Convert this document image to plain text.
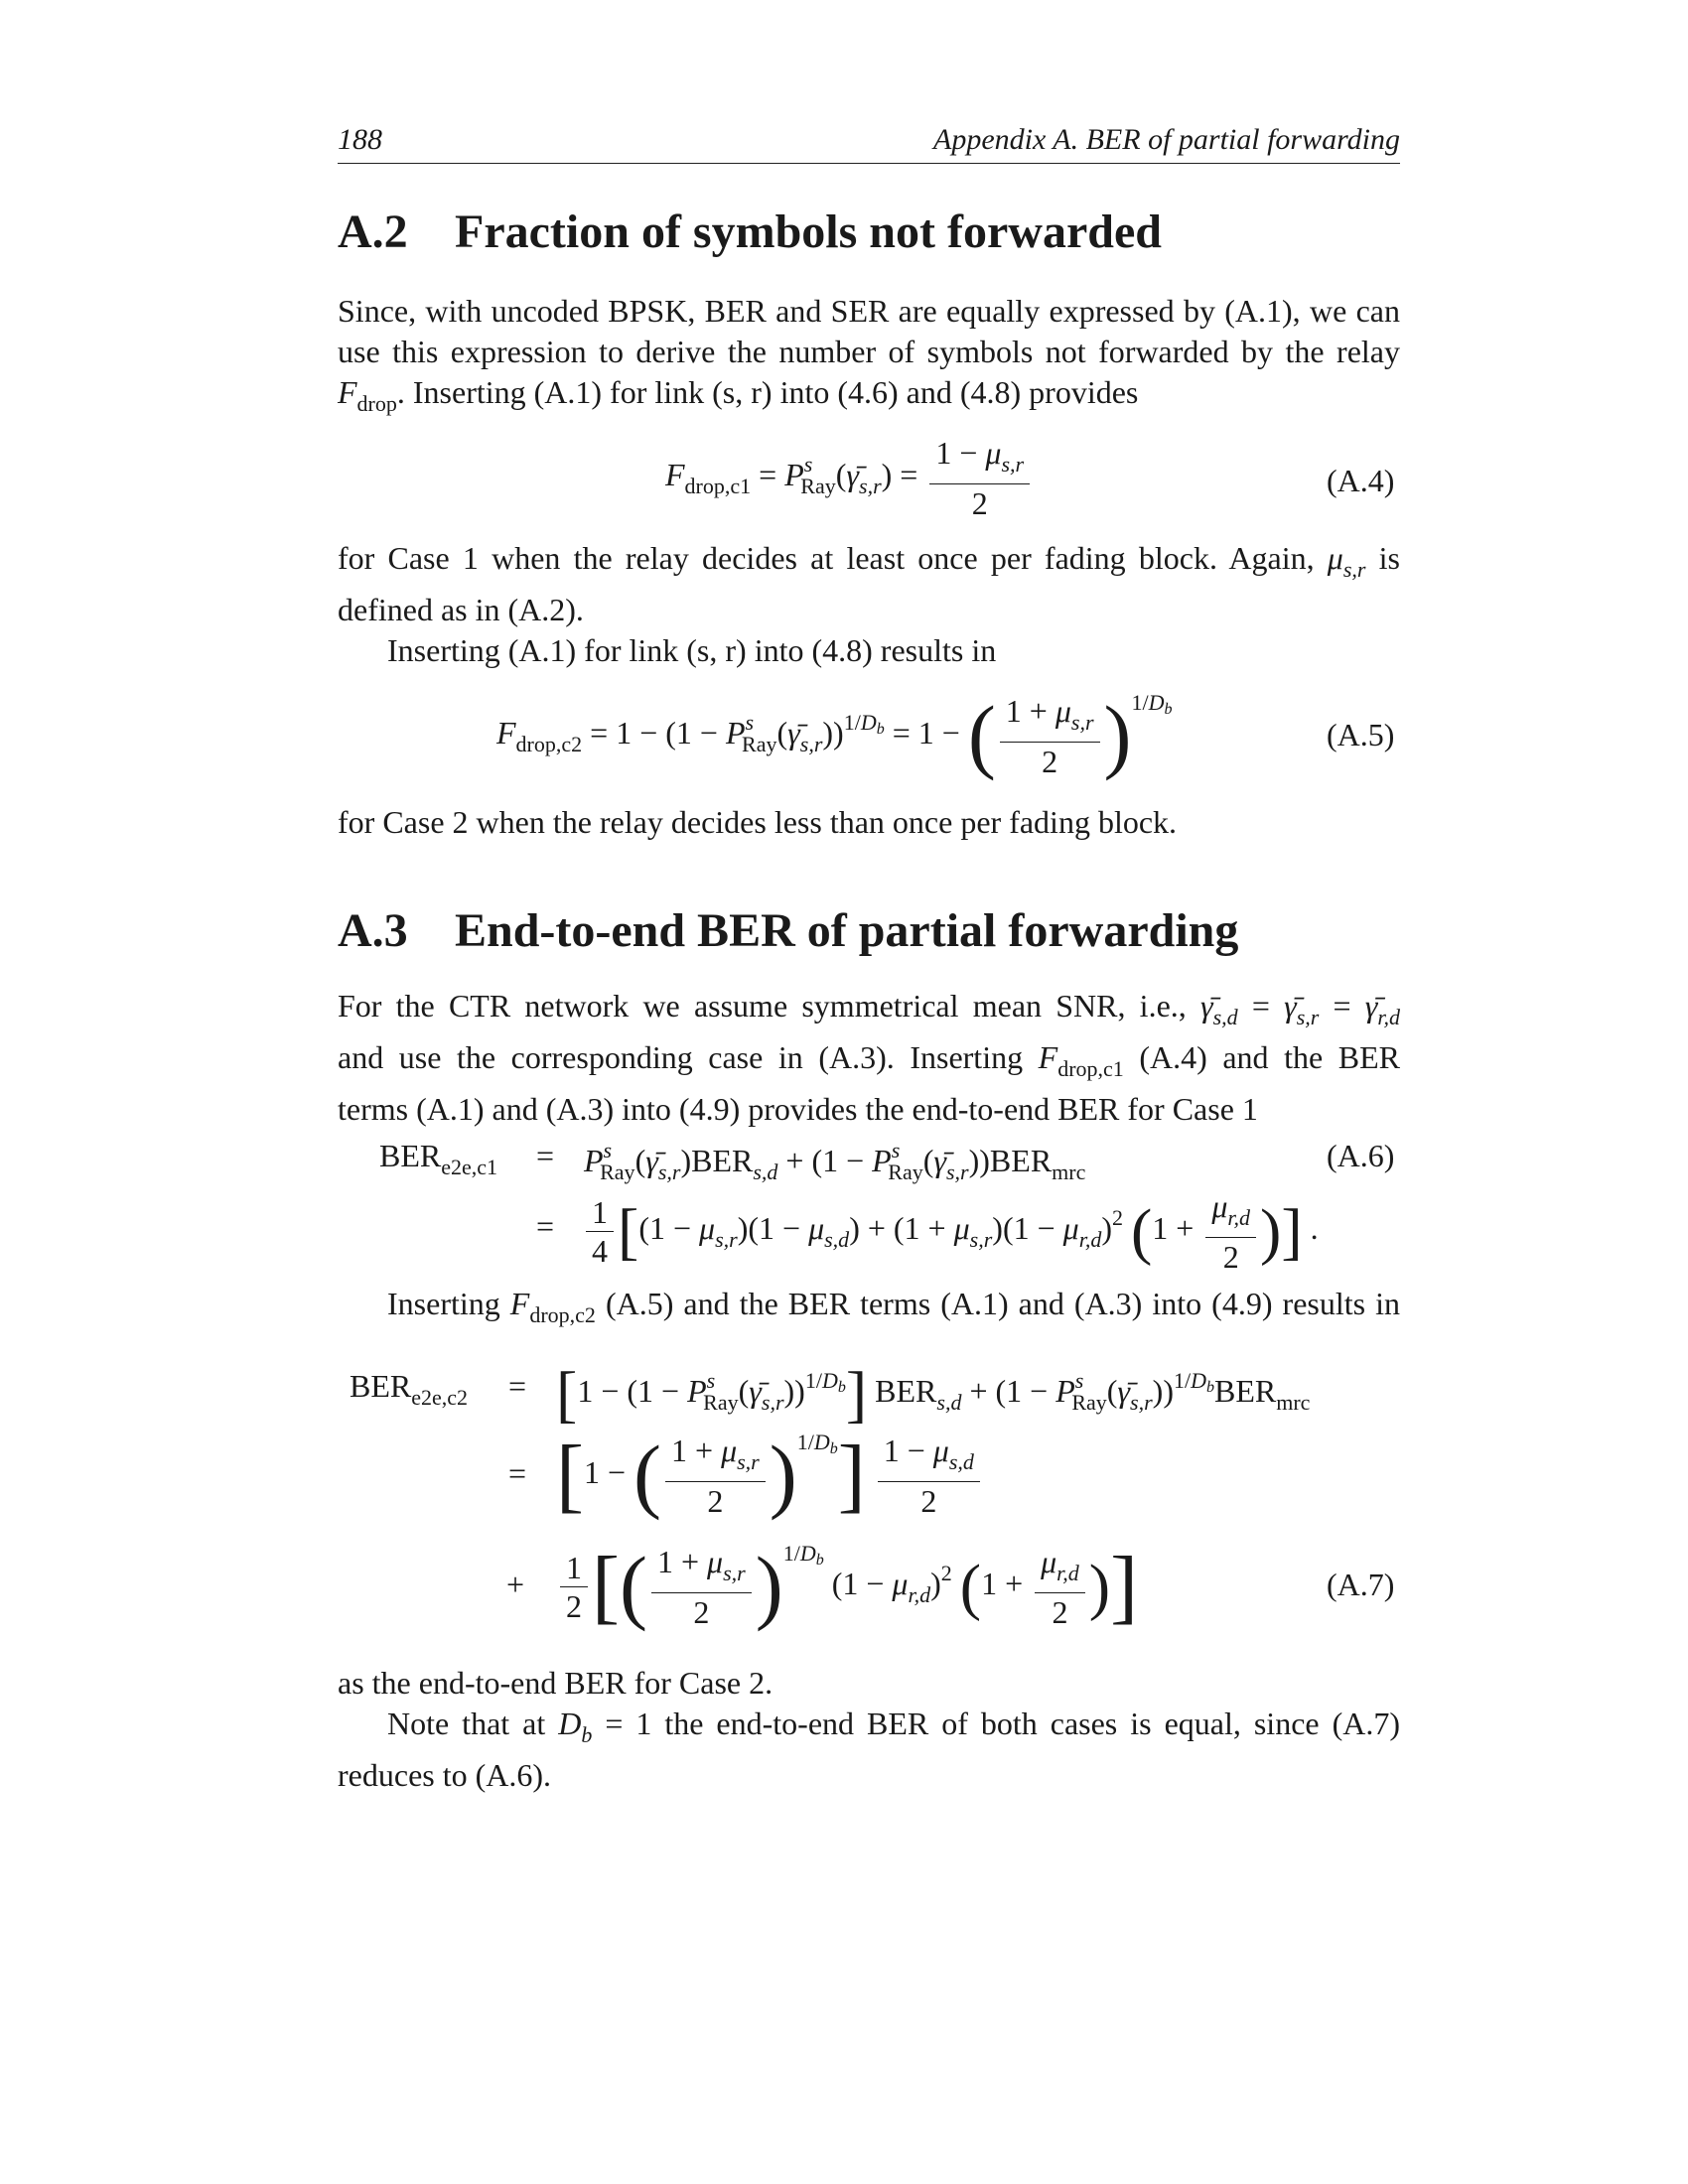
188	Appendix A. BER of partial forwarding
A.2 Fraction of symbols not forwarded
Since, with uncoded BPSK, BER and SER are equally expressed by (A.1), we can
use this expression to derive the number of symbols not forwarded by the relay
$F_{drop}$. Inserting (A.1) for link (s, r) into (4.6) and (4.8) provides
$F_{drop,c1}$ = $P^s_{Ray}(\gammā_{s,r}) = \frac{1 - \mu_{s,r}}{2}$	(A.4)
for Case 1 when the relay decides at least once per fading block. Again, $\mu_{s,r}$ is
defined as in (A.2).
Inserting (A.1) for link (s, r) into (4.8) results in
$F_{drop,c2} = 1 - (1$ − $P^s_{Ray}(\gammā_{s,r}))^{1/D_b} = 1$ − ( $\frac{1 + \mu_{s,r}}{2} )^{1/D_b}$
(A.5)
for Case 2 when the relay decides less than once per fading block.
A.3 End-to-end BER of partial forwarding
For the CTR network we assume symmetrical mean SNR, i.e., $\gammā_{s,d}$ = $\gammā_{s,r}$ = $\gammā_{r,d}$
and use the corresponding case in (A.3). Inserting $F_{drop,c1}$ (A.4) and the BER
terms (A.1) and (A.3) into (4.9) provides the end-to-end BER for Case 1
$BER_{e2e,c1}$ = $P^s_{Ray}(\gammā_{s,r})BER_{s,d} + (1$ − $P^s_{Ray}(\gammā_{s,r}))BER_{mrc}$	(A.6)
= $\frac{1}{4} [(1 - \mu_{s,r})(1 - \mu_{s,d}) + (1 + \mu_{s,r})(1 - \mu_{r,d})^2$ ($1 + \frac{\mu_{r,d}}{2}$ )] .
Inserting $F_{drop,c2}$ (A.5) and the BER terms (A.1) and (A.3) into (4.9) results in
$BER_{e2e,c2} = [1 - (1$ − $P^s_{Ray}(\gammā_{s,r}))^{1/D_b}$] $BER_{s,d} + (1$ − $P^s_{Ray}(\gammā_{s,r}))^{1/D_b}BER_{mrc}$
= [1 − ( $\frac{1 + \mu_{s,r}}{2} )^{1/D_b}] \frac{1 - \mu_{s,d}}{2}$
+ $\frac{1}{2}$ [( $\frac{1 + \mu_{s,r}}{2} )^{1/D_b}$ $(1 - \mu_{r,d})^2$ ($1 + \frac{\mu_{r,d}}{2}$ )]	(A.7)
as the end-to-end BER for Case 2.
Note that at $D_b = 1$ the end-to-end BER of both cases is equal, since (A.7)
reduces to (A.6).
